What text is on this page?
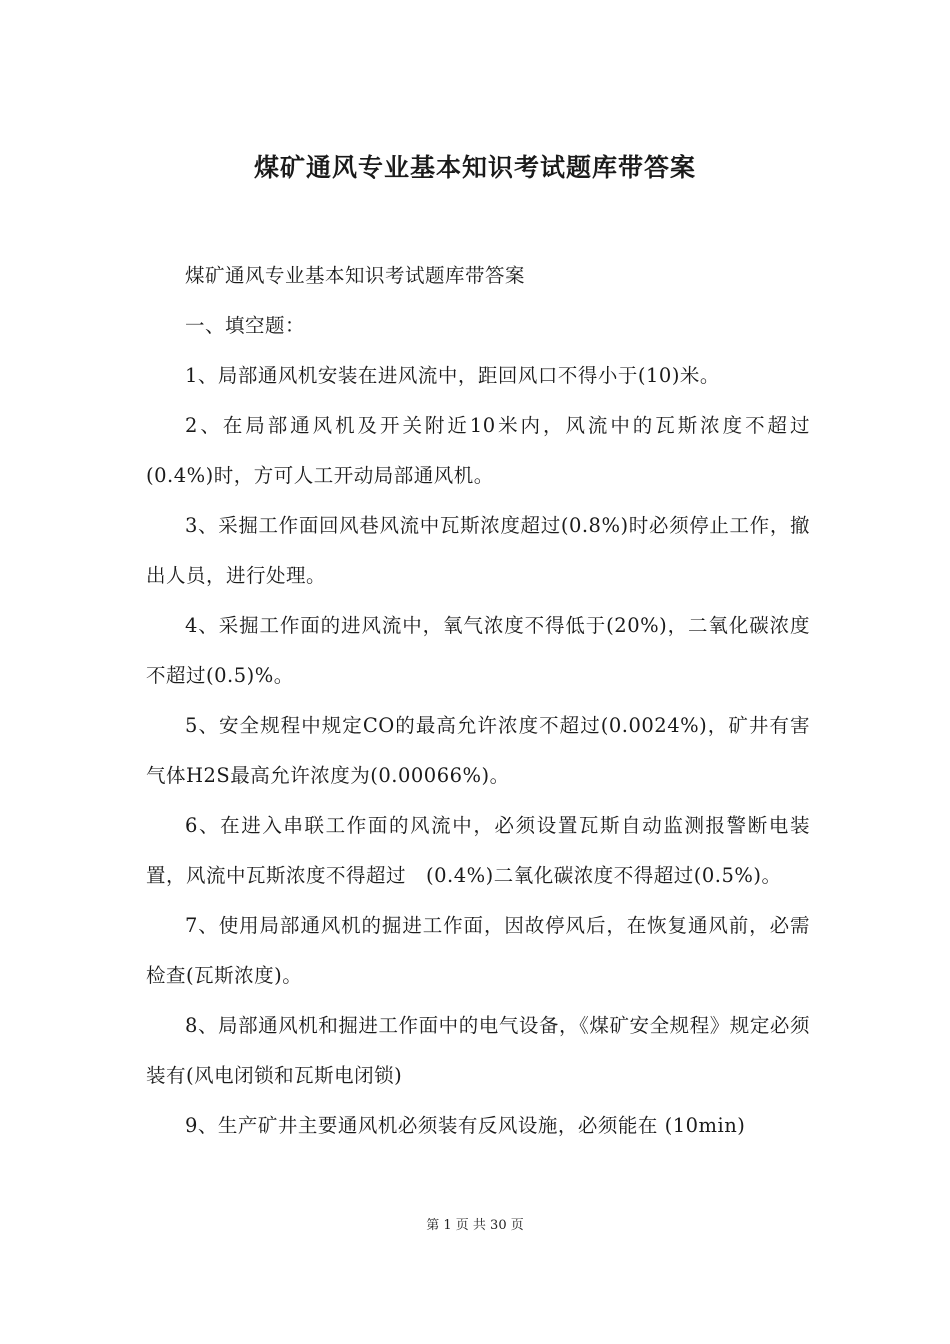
煤矿通风专业基本知识考试题库带答案

煤矿通风专业基本知识考试题库带答案

一、填空题：

1、局部通风机安装在进风流中，距回风口不得小于(10)米。

2、在局部通风机及开关附近10米内，风流中的瓦斯浓度不超过(0.4%)时，方可人工开动局部通风机。

3、采掘工作面回风巷风流中瓦斯浓度超过(0.8%)时必须停止工作，撤出人员，进行处理。

4、采掘工作面的进风流中，氧气浓度不得低于(20%)，二氧化碳浓度不超过(0.5)%。

5、安全规程中规定CO的最高允许浓度不超过(0.0024%)，矿井有害气体H2S最高允许浓度为(0.00066%)。

6、在进入串联工作面的风流中，必须设置瓦斯自动监测报警断电装置，风流中瓦斯浓度不得超过　(0.4%)二氧化碳浓度不得超过(0.5%)。

7、使用局部通风机的掘进工作面，因故停风后，在恢复通风前，必需检查(瓦斯浓度)。

8、局部通风机和掘进工作面中的电气设备，《煤矿安全规程》规定必须装有(风电闭锁和瓦斯电闭锁)

9、生产矿井主要通风机必须装有反风设施，必须能在 (10min)

第 1 页 共 30 页
